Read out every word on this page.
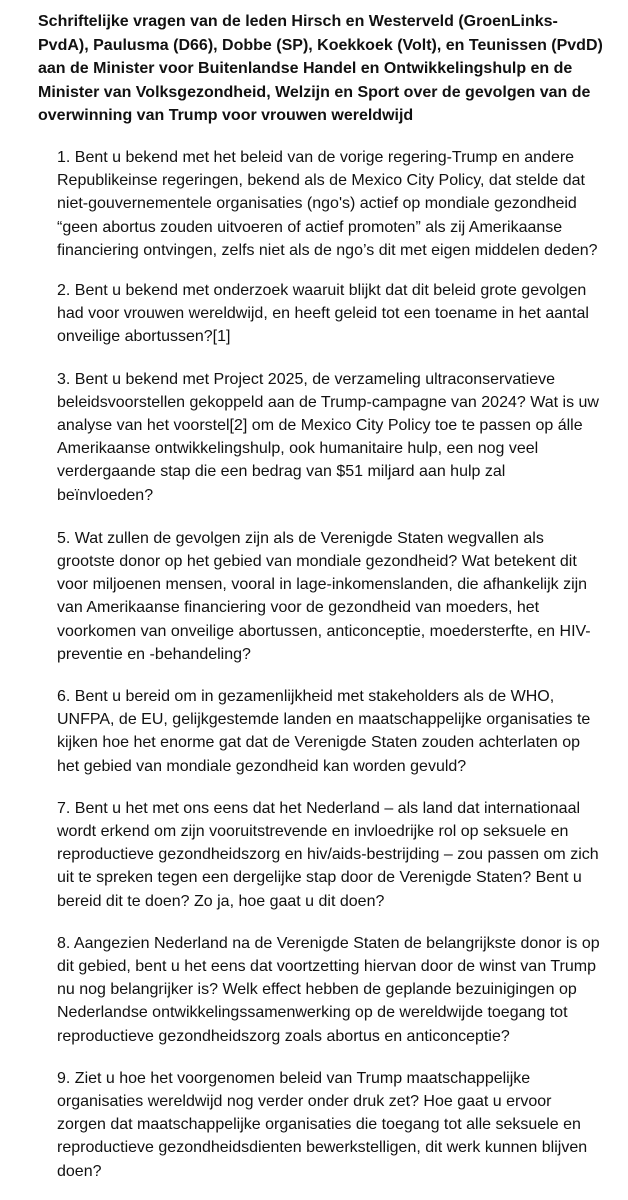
Schriftelijke vragen van de leden Hirsch en Westerveld (GroenLinks-PvdA), Paulusma (D66), Dobbe (SP), Koekkoek (Volt), en Teunissen (PvdD) aan de Minister voor Buitenlandse Handel en Ontwikkelingshulp en de Minister van Volksgezondheid, Welzijn en Sport over de gevolgen van de overwinning van Trump voor vrouwen wereldwijd
1. Bent u bekend met het beleid van de vorige regering-Trump en andere Republikeinse regeringen, bekend als de Mexico City Policy, dat stelde dat niet-gouvernementele organisaties (ngo's) actief op mondiale gezondheid “geen abortus zouden uitvoeren of actief promoten” als zij Amerikaanse financiering ontvingen, zelfs niet als de ngo’s dit met eigen middelen deden?
2. Bent u bekend met onderzoek waaruit blijkt dat dit beleid grote gevolgen had voor vrouwen wereldwijd, en heeft geleid tot een toename in het aantal onveilige abortussen?[1]
3. Bent u bekend met Project 2025, de verzameling ultraconservatieve beleidsvoorstellen gekoppeld aan de Trump-campagne van 2024? Wat is uw analyse van het voorstel[2] om de Mexico City Policy toe te passen op álle Amerikaanse ontwikkelingshulp, ook humanitaire hulp, een nog veel verdergaande stap die een bedrag van $51 miljard aan hulp zal beïnvloeden?
5. Wat zullen de gevolgen zijn als de Verenigde Staten wegvallen als grootste donor op het gebied van mondiale gezondheid? Wat betekent dit voor miljoenen mensen, vooral in lage-inkomenslanden, die afhankelijk zijn van Amerikaanse financiering voor de gezondheid van moeders, het voorkomen van onveilige abortussen, anticonceptie, moedersterfte, en HIV-preventie en -behandeling?
6. Bent u bereid om in gezamenlijkheid met stakeholders als de WHO, UNFPA, de EU, gelijkgestemde landen en maatschappelijke organisaties te kijken hoe het enorme gat dat de Verenigde Staten zouden achterlaten op het gebied van mondiale gezondheid kan worden gevuld?
7. Bent u het met ons eens dat het Nederland – als land dat internationaal wordt erkend om zijn vooruitstrevende en invloedrijke rol op seksuele en reproductieve gezondheidszorg en hiv/aids-bestrijding – zou passen om zich uit te spreken tegen een dergelijke stap door de Verenigde Staten? Bent u bereid dit te doen? Zo ja, hoe gaat u dit doen?
8. Aangezien Nederland na de Verenigde Staten de belangrijkste donor is op dit gebied, bent u het eens dat voortzetting hiervan door de winst van Trump nu nog belangrijker is? Welk effect hebben de geplande bezuinigingen op Nederlandse ontwikkelingssamenwerking op de wereldwijde toegang tot reproductieve gezondheidszorg zoals abortus en anticonceptie?
9. Ziet u hoe het voorgenomen beleid van Trump maatschappelijke organisaties wereldwijd nog verder onder druk zet? Hoe gaat u ervoor zorgen dat maatschappelijke organisaties die toegang tot alle seksuele en reproductieve gezondheidsdienten bewerkstelligen, dit werk kunnen blijven doen?
